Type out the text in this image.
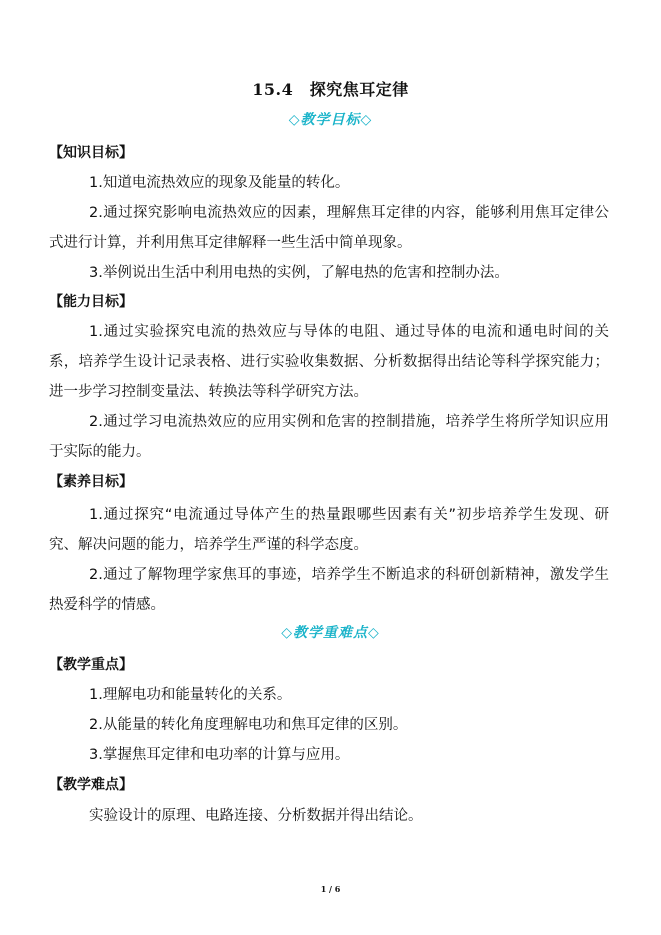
15.4　探究焦耳定律
◇教学目标◇
【知识目标】

1.知道电流热效应的现象及能量的转化。

2.通过探究影响电流热效应的因素，理解焦耳定律的内容，能够利用焦耳定律公式进行计算，并利用焦耳定律解释一些生活中简单现象。

3.举例说出生活中利用电热的实例，了解电热的危害和控制办法。

【能力目标】

1.通过实验探究电流的热效应与导体的电阻、通过导体的电流和通电时间的关系，培养学生设计记录表格、进行实验收集数据、分析数据得出结论等科学探究能力；进一步学习控制变量法、转换法等科学研究方法。

2.通过学习电流热效应的应用实例和危害的控制措施，培养学生将所学知识应用于实际的能力。

【素养目标】

1.通过探究“电流通过导体产生的热量跟哪些因素有关”初步培养学生发现、研究、解决问题的能力，培养学生严谨的科学态度。

2.通过了解物理学家焦耳的事迹，培养学生不断追求的科研创新精神，激发学生热爱科学的情感。

◇教学重难点◇
【教学重点】

1.理解电功和能量转化的关系。

2.从能量的转化角度理解电功和焦耳定律的区别。

3.掌握焦耳定律和电功率的计算与应用。

【教学难点】

实验设计的原理、电路连接、分析数据并得出结论。

1 / 6
